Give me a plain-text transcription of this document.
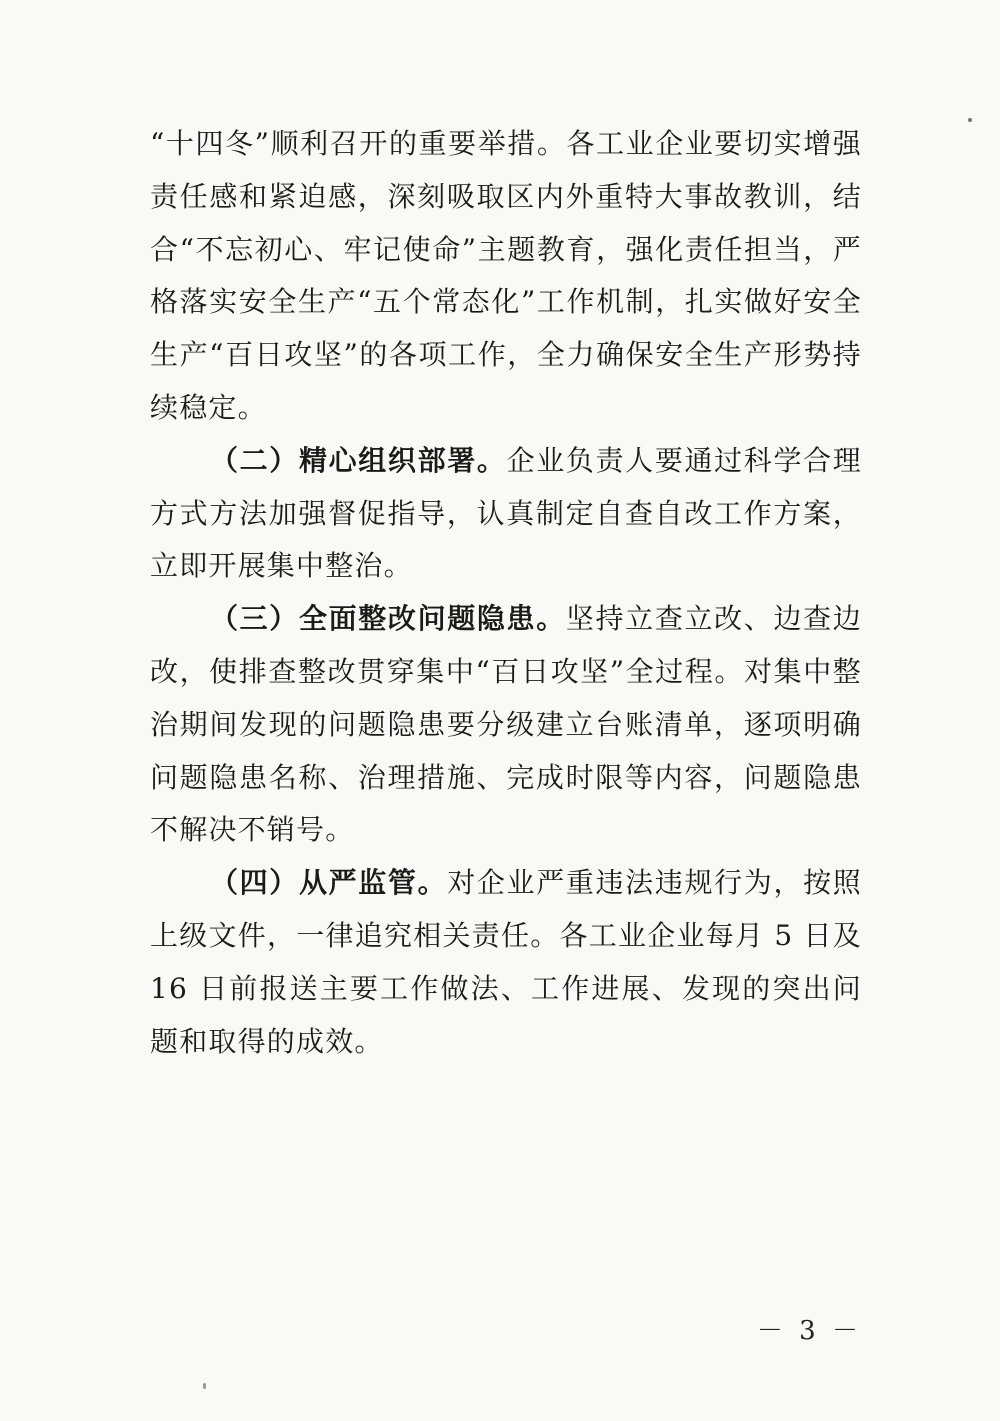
“十四冬”顺利召开的重要举措。各工业企业要切实增强责任感和紧迫感，深刻吸取区内外重特大事故教训，结合“不忘初心、牢记使命”主题教育，强化责任担当，严格落实安全生产“五个常态化”工作机制，扎实做好安全生产“百日攻坚”的各项工作，全力确保安全生产形势持续稳定。

（二）精心组织部署。企业负责人要通过科学合理方式方法加强督促指导，认真制定自查自改工作方案，立即开展集中整治。

（三）全面整改问题隐患。坚持立查立改、边查边改，使排查整改贯穿集中“百日攻坚”全过程。对集中整治期间发现的问题隐患要分级建立台账清单，逐项明确问题隐患名称、治理措施、完成时限等内容，问题隐患不解决不销号。

（四）从严监管。对企业严重违法违规行为，按照上级文件，一律追究相关责任。各工业企业每月 5 日及 16 日前报送主要工作做法、工作进展、发现的突出问题和取得的成效。

－ 3 －
